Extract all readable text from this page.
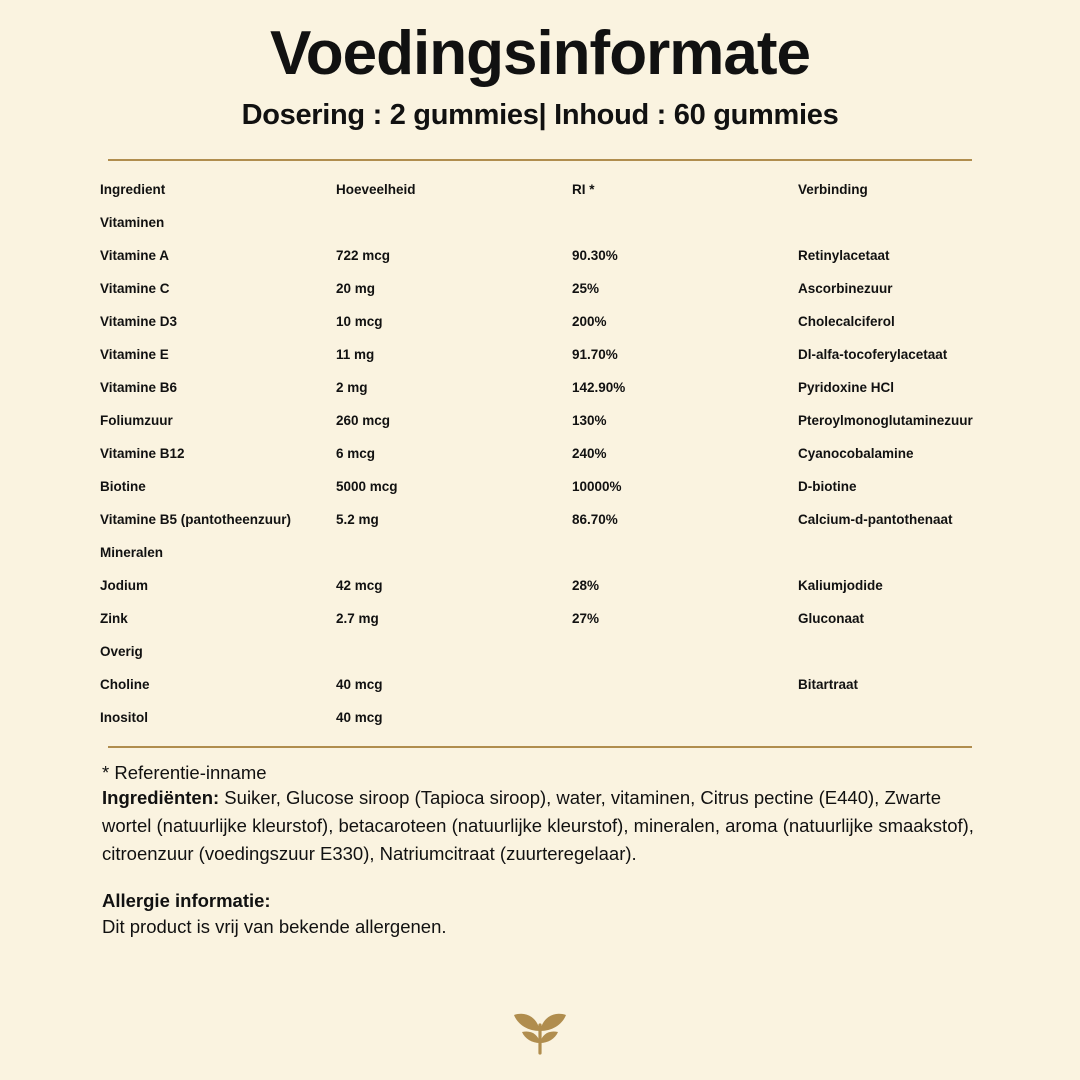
Voedingsinformate
Dosering : 2 gummies| Inhoud : 60 gummies
Ingredient	Hoeveelheid	RI *	Verbinding
Vitaminen			
Vitamine A	722 mcg	90.30%	Retinylacetaat
Vitamine C	20 mg	25%	Ascorbinezuur
Vitamine D3	10 mcg	200%	Cholecalciferol
Vitamine E	11 mg	91.70%	Dl-alfa-tocoferylacetaat
Vitamine B6	2 mg	142.90%	Pyridoxine HCl
Foliumzuur	260 mcg	130%	Pteroylmonoglutaminezuur
Vitamine B12	6 mcg	240%	Cyanocobalamine
Biotine	5000 mcg	10000%	D-biotine
Vitamine B5 (pantotheenzuur)	5.2 mg	86.70%	Calcium-d-pantothenaat
Mineralen			
Jodium	42 mcg	28%	Kaliumjodide
Zink	2.7 mg	27%	Gluconaat
Overig			
Choline	40 mcg		Bitartraat
Inositol	40 mcg		
* Referentie-inname

Ingrediënten: Suiker, Glucose siroop (Tapioca siroop), water, vitaminen, Citrus pectine (E440), Zwarte wortel (natuurlijke kleurstof), betacaroteen (natuurlijke kleurstof), mineralen, aroma (natuurlijke smaakstof), citroenzuur (voedingszuur E330), Natriumcitraat (zuurteregelaar).

Allergie informatie:
Dit product is vrij van bekende allergenen.
